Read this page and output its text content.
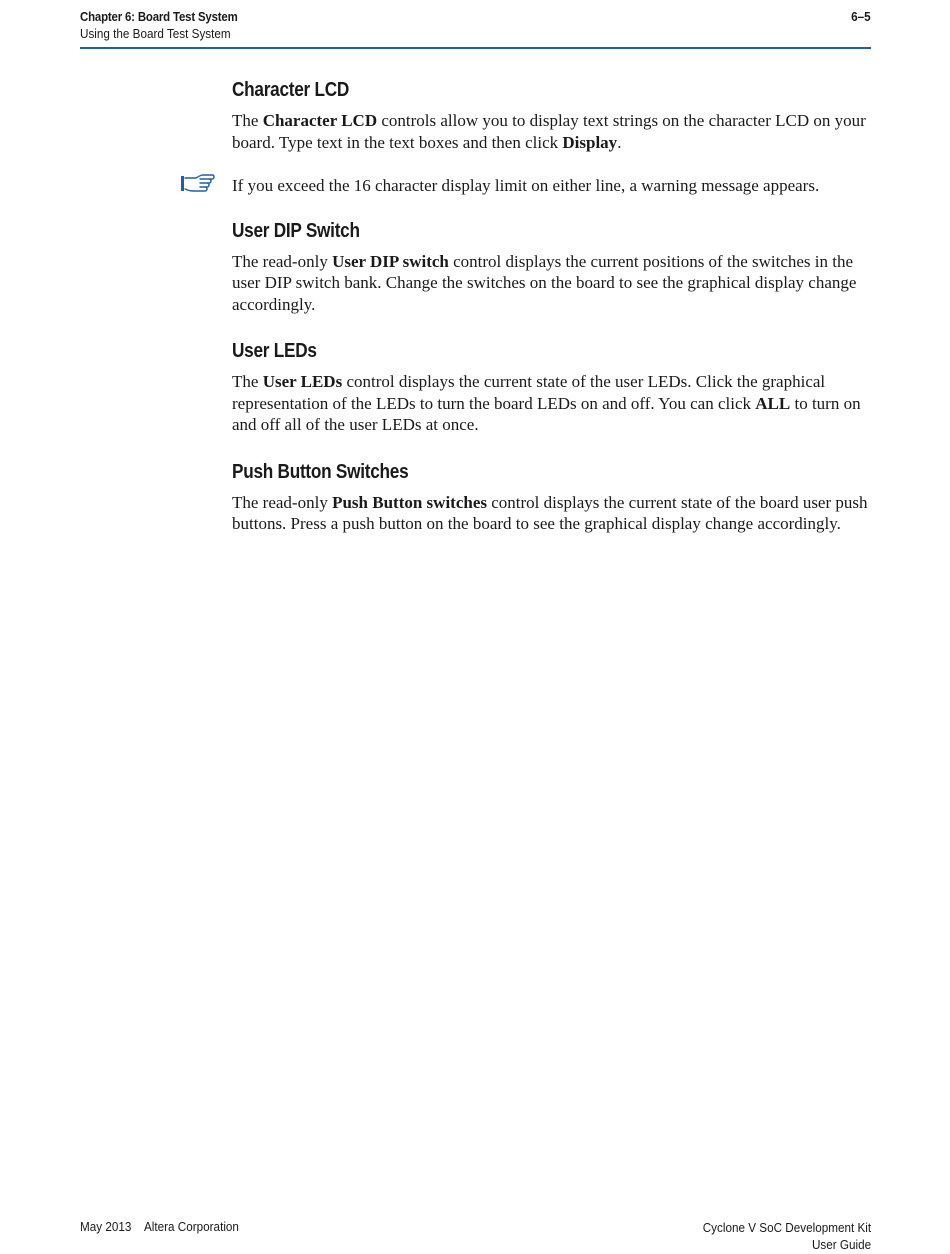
Chapter 6: Board Test System
Using the Board Test System
6–5
Character LCD

The Character LCD controls allow you to display text strings on the character LCD on your board. Type text in the text boxes and then click Display.

If you exceed the 16 character display limit on either line, a warning message appears.

User DIP Switch

The read-only User DIP switch control displays the current positions of the switches in the user DIP switch bank. Change the switches on the board to see the graphical display change accordingly.

User LEDs

The User LEDs control displays the current state of the user LEDs. Click the graphical representation of the LEDs to turn the board LEDs on and off. You can click ALL to turn on and off all of the user LEDs at once.

Push Button Switches

The read-only Push Button switches control displays the current state of the board user push buttons. Press a push button on the board to see the graphical display change accordingly.

May 2013 Altera Corporation	Cyclone V SoC Development Kit
User Guide
